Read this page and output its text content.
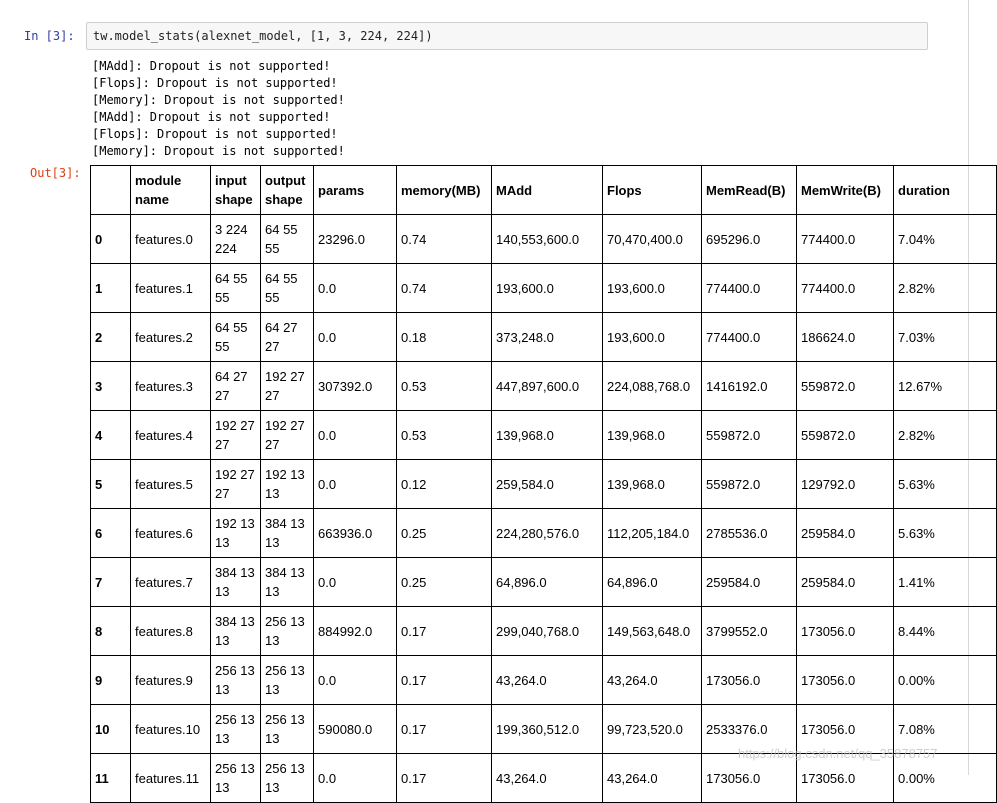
In [3]: tw.model_stats(alexnet_model, [1, 3, 224, 224])
[MAdd]: Dropout is not supported!
[Flops]: Dropout is not supported!
[Memory]: Dropout is not supported!
[MAdd]: Dropout is not supported!
[Flops]: Dropout is not supported!
[Memory]: Dropout is not supported!
Out[3]:
		module name	input shape	output shape	params	memory(MB)	MAdd	Flops	MemRead(B)	MemWrite(B)	duration
0	features.0	3 224 224	64 55 55	23296.0	0.74	140,553,600.0	70,470,400.0	695296.0	774400.0	7.04%
1	features.1	64 55 55	64 55 55	0.0	0.74	193,600.0	193,600.0	774400.0	774400.0	2.82%
2	features.2	64 55 55	64 27 27	0.0	0.18	373,248.0	193,600.0	774400.0	186624.0	7.03%
3	features.3	64 27 27	192 27 27	307392.0	0.53	447,897,600.0	224,088,768.0	1416192.0	559872.0	12.67%
4	features.4	192 27 27	192 27 27	0.0	0.53	139,968.0	139,968.0	559872.0	559872.0	2.82%
5	features.5	192 27 27	192 13 13	0.0	0.12	259,584.0	139,968.0	559872.0	129792.0	5.63%
6	features.6	192 13 13	384 13 13	663936.0	0.25	224,280,576.0	112,205,184.0	2785536.0	259584.0	5.63%
7	features.7	384 13 13	384 13 13	0.0	0.25	64,896.0	64,896.0	259584.0	259584.0	1.41%
8	features.8	384 13 13	256 13 13	884992.0	0.17	299,040,768.0	149,563,648.0	3799552.0	173056.0	8.44%
9	features.9	256 13 13	256 13 13	0.0	0.17	43,264.0	43,264.0	173056.0	173056.0	0.00%
10	features.10	256 13 13	256 13 13	590080.0	0.17	199,360,512.0	99,723,520.0	2533376.0	173056.0	7.08%
11	features.11	256 13 13	256 13 13	0.0	0.17	43,264.0	43,264.0	173056.0	173056.0	0.00%
https://blog.csdn.net/qq_35878757
